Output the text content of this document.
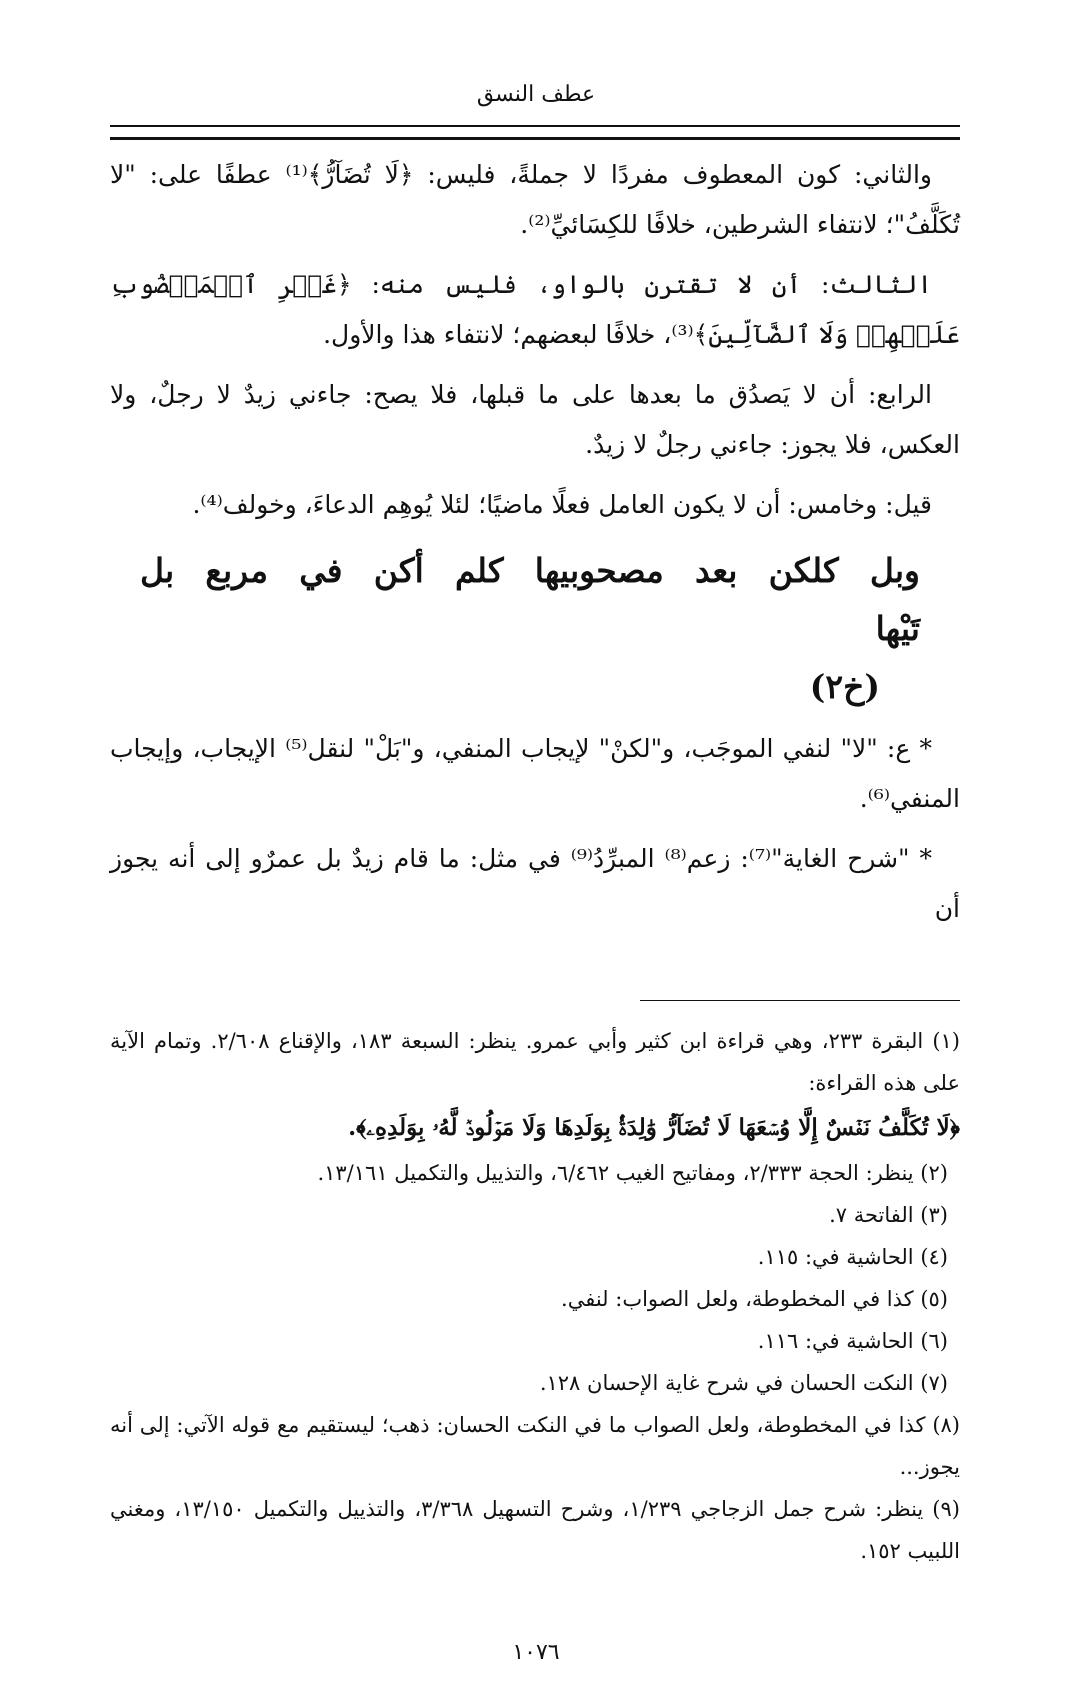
عطف النسق

والثاني: كون المعطوف مفردًا لا جملةً، فليس: ﴿لَا تُضَآرُّ﴾⁽¹⁾ عطفًا على: "لا تُكَلَّفُ"؛ لانتفاء الشرطين، خلافًا للكِسَائيِّ⁽²⁾.

الثالث: أن لا تقترن بالواو، فليس منه: ﴿غَيۡرِ ٱلۡمَغۡضُوبِ عَلَيۡهِمۡ وَلَا ٱلضَّآلِّينَ﴾⁽³⁾، خلافًا لبعضهم؛ لانتفاء هذا والأول.

الرابع: أن لا يَصدُق ما بعدها على ما قبلها، فلا يصح: جاءني زيدٌ لا رجلٌ، ولا العكس، فلا يجوز: جاءني رجلٌ لا زيدٌ.

قيل: وخامس: أن لا يكون العامل فعلًا ماضيًا؛ لئلا يُوهِم الدعاءَ، وخولف⁽⁴⁾.

وبل كلكن بعد مصحوبيها كلم أكن في مربع بل تَيْها
(خ٢)

* ع: "لا" لنفي الموجَب، و"لكنْ" لإيجاب المنفي، و"بَلْ" لنقل⁽⁵⁾ الإيجاب، وإيجاب المنفي⁽⁶⁾.

* "شرح الغاية"⁽⁷⁾: زعم⁽⁸⁾ المبرِّدُ⁽⁹⁾ في مثل: ما قام زيدٌ بل عمرٌو إلى أنه يجوز أن

(١) البقرة ٢٣٣، وهي قراءة ابن كثير وأبي عمرو. ينظر: السبعة ١٨٣، والإقناع ٢/٦٠٨. وتمام الآية على هذه القراءة:

﴿لَا تُكَلَّفُ نَفۡسٌ إِلَّا وُسۡعَهَا لَا تُضَآرُّ وَٰلِدَةُۢ بِوَلَدِهَا وَلَا مَوۡلُودٞ لَّهُۥ بِوَلَدِهِۦ﴾.

(٢) ينظر: الحجة ٢/٣٣٣، ومفاتيح الغيب ٦/٤٦٢، والتذييل والتكميل ١٣/١٦١.

(٣) الفاتحة ٧.

(٤) الحاشية في: ١١٥.

(٥) كذا في المخطوطة، ولعل الصواب: لنفي.

(٦) الحاشية في: ١١٦.

(٧) النكت الحسان في شرح غاية الإحسان ١٢٨.

(٨) كذا في المخطوطة، ولعل الصواب ما في النكت الحسان: ذهب؛ ليستقيم مع قوله الآتي: إلى أنه يجوز...

(٩) ينظر: شرح جمل الزجاجي ١/٢٣٩، وشرح التسهيل ٣/٣٦٨، والتذييل والتكميل ١٣/١٥٠، ومغني اللبيب ١٥٢.

١٠٧٦
